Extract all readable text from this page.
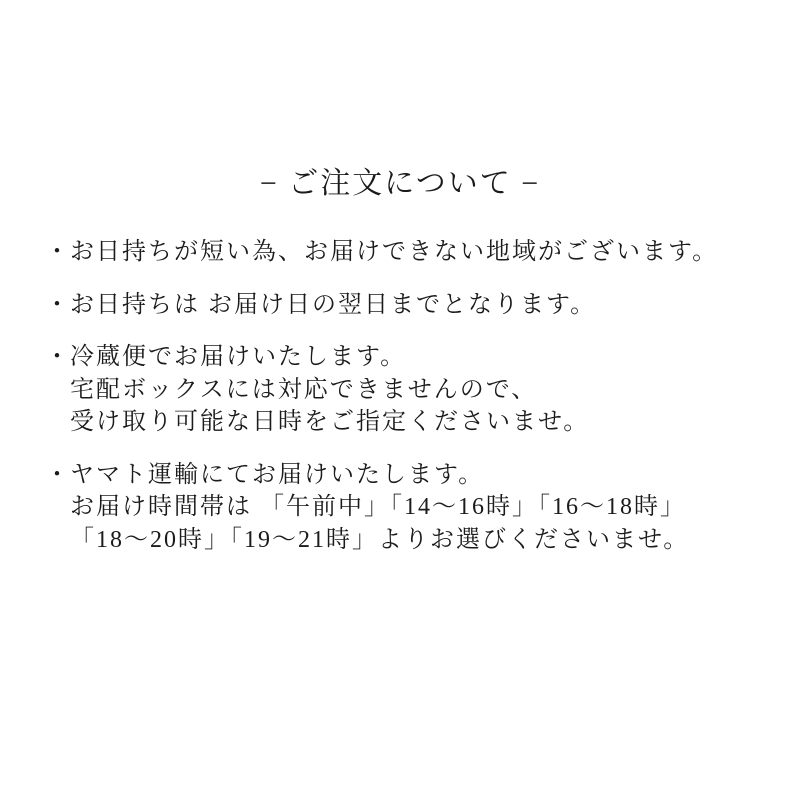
− ご注文について −
・ お日持ちが短い為、お届けできない地域がございます。
・ お日持ちは お届け日の翌日までとなります。
・ 冷蔵便でお届けいたします。
宅配ボックスには対応できませんので、
受け取り可能な日時をご指定くださいませ。
・ ヤマト運輸にてお届けいたします。
お届け時間帯は 「午前中」「14〜16時」「16〜18時」
「18〜20時」「19〜21時」よりお選びくださいませ。
